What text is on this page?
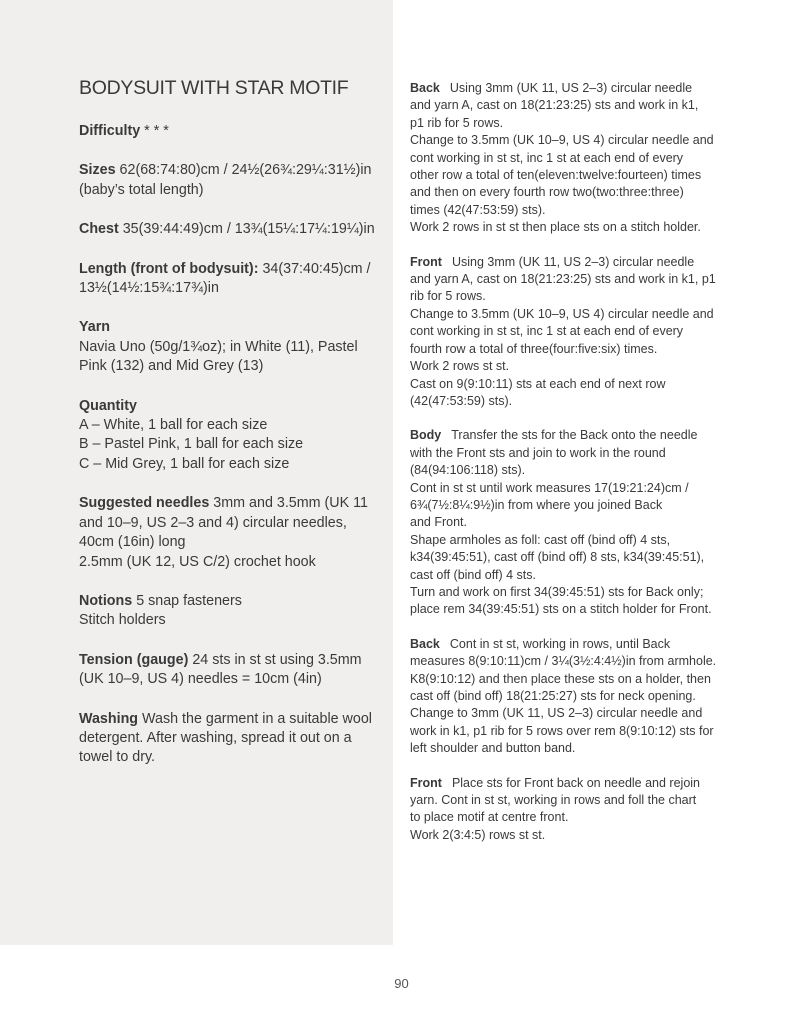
BODYSUIT WITH STAR MOTIF

Difficulty * * *

Sizes 62(68:74:80)cm / 24½(26¾:29¼:31½)in
(baby’s total length)

Chest 35(39:44:49)cm / 13¾(15¼:17¼:19¼)in

Length (front of bodysuit): 34(37:40:45)cm /
13½(14½:15¾:17¾)in

Yarn
Navia Uno (50g/1¾oz); in White (11), Pastel
Pink (132) and Mid Grey (13)

Quantity
A – White, 1 ball for each size
B – Pastel Pink, 1 ball for each size
C – Mid Grey, 1 ball for each size

Suggested needles 3mm and 3.5mm (UK 11
and 10–9, US 2–3 and 4) circular needles,
40cm (16in) long
2.5mm (UK 12, US C/2) crochet hook

Notions 5 snap fasteners
Stitch holders

Tension (gauge) 24 sts in st st using 3.5mm
(UK 10–9, US 4) needles = 10cm (4in)

Washing Wash the garment in a suitable wool
detergent. After washing, spread it out on a
towel to dry.

Back Using 3mm (UK 11, US 2–3) circular needle
and yarn A, cast on 18(21:23:25) sts and work in k1,
p1 rib for 5 rows.
Change to 3.5mm (UK 10–9, US 4) circular needle and
cont working in st st, inc 1 st at each end of every
other row a total of ten(eleven:twelve:fourteen) times
and then on every fourth row two(two:three:three)
times (42(47:53:59) sts).
Work 2 rows in st st then place sts on a stitch holder.
Front Using 3mm (UK 11, US 2–3) circular needle
and yarn A, cast on 18(21:23:25) sts and work in k1, p1
rib for 5 rows.
Change to 3.5mm (UK 10–9, US 4) circular needle and
cont working in st st, inc 1 st at each end of every
fourth row a total of three(four:five:six) times.
Work 2 rows st st.
Cast on 9(9:10:11) sts at each end of next row
(42(47:53:59) sts).
Body Transfer the sts for the Back onto the needle
with the Front sts and join to work in the round
(84(94:106:118) sts).
Cont in st st until work measures 17(19:21:24)cm /
6¾(7½:8¼:9½)in from where you joined Back
and Front.
Shape armholes as foll: cast off (bind off) 4 sts,
k34(39:45:51), cast off (bind off) 8 sts, k34(39:45:51),
cast off (bind off) 4 sts.
Turn and work on first 34(39:45:51) sts for Back only;
place rem 34(39:45:51) sts on a stitch holder for Front.
Back Cont in st st, working in rows, until Back
measures 8(9:10:11)cm / 3¼(3½:4:4½)in from armhole.
K8(9:10:12) and then place these sts on a holder, then
cast off (bind off) 18(21:25:27) sts for neck opening.
Change to 3mm (UK 11, US 2–3) circular needle and
work in k1, p1 rib for 5 rows over rem 8(9:10:12) sts for
left shoulder and button band.
Front Place sts for Front back on needle and rejoin
yarn. Cont in st st, working in rows and foll the chart
to place motif at centre front.
Work 2(3:4:5) rows st st.
90
